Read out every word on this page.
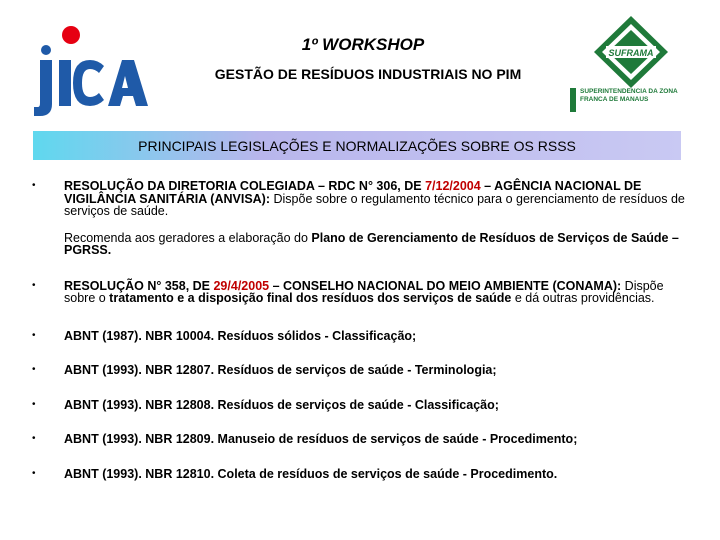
1º WORKSHOP
GESTÃO DE RESÍDUOS INDUSTRIAIS NO PIM
SUFRAMA
SUPERINTENDÊNCIA DA ZONA FRANCA DE MANAUS
PRINCIPAIS LEGISLAÇÕES E NORMALIZAÇÕES SOBRE OS RSSS
• RESOLUÇÃO DA DIRETORIA COLEGIADA – RDC N° 306, DE 7/12/2004 – AGÊNCIA NACIONAL DE VIGILÂNCIA SANITÁRIA (ANVISA): Dispõe sobre o regulamento técnico para o gerenciamento de resíduos de serviços de saúde.

Recomenda aos geradores a elaboração do Plano de Gerenciamento de Resíduos de Serviços de Saúde – PGRSS.
• RESOLUÇÃO N° 358, DE 29/4/2005 – CONSELHO NACIONAL DO MEIO AMBIENTE (CONAMA): Dispõe sobre o tratamento e a disposição final dos resíduos dos serviços de saúde e dá outras providências.

• ABNT (1987). NBR 10004. Resíduos sólidos - Classificação;

• ABNT (1993). NBR 12807. Resíduos de serviços de saúde - Terminologia;

• ABNT (1993). NBR 12808. Resíduos de serviços de saúde - Classificação;

• ABNT (1993). NBR 12809. Manuseio de resíduos de serviços de saúde - Procedimento;

• ABNT (1993). NBR 12810. Coleta de resíduos de serviços de saúde - Procedimento.
